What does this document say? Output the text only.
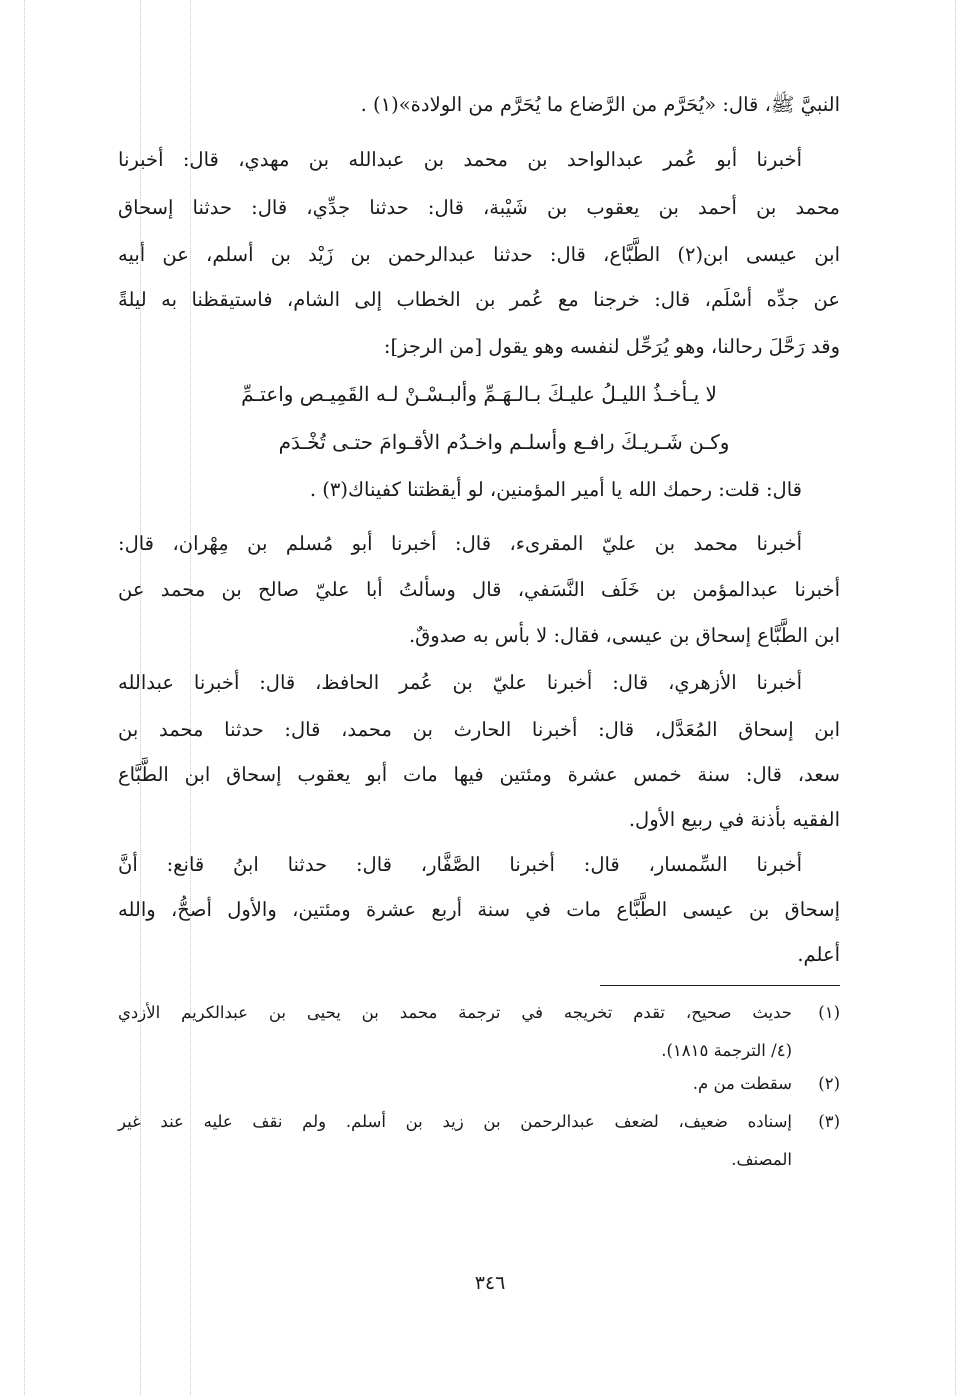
النبيَّ ﷺ، قال: «يُحَرَّم من الرَّضاع ما يُحَرَّم من الولادة»(١) .
أخبرنا أبو عُمر عبدالواحد بن محمد بن عبدالله بن مهدي، قال: أخبرنا
محمد بن أحمد بن يعقوب بن شَيْبة، قال: حدثنا جدِّي، قال: حدثنا إسحاق
ابن عيسى ابن(٢) الطَّبَّاع، قال: حدثنا عبدالرحمن بن زَيْد بن أسلم، عن أبيه
عن جدِّه أسْلَم، قال: خرجنا مع عُمر بن الخطاب إلى الشام، فاستيقظنا به ليلةً
وقد رَحَّلَ رحالنا، وهو يُرَحِّل لنفسه وهو يقول [من الرجز]:
لا يـأخـذُ الليـلُ عليـكَ بـالـهَـمِّ وألبـسْـنْ لـه القَمِيـص واعتـمِّ
وكـن شَـريـكَ رافـع وأسلـم واخـدُم الأقـوامَ حتـى تُخْـدَم
قال: قلت: رحمك الله يا أمير المؤمنين، لو أيقظتنا كفيناك(٣) .
أخبرنا محمد بن عليّ المقرىء، قال: أخبرنا أبو مُسلم بن مِهْران، قال:
أخبرنا عبدالمؤمن بن خَلَف النَّسَفي، قال وسألتُ أبا عليّ صالح بن محمد عن
ابن الطَّبَّاع إسحاق بن عيسى، فقال: لا بأس به صدوقٌ.
أخبرنا الأزهري، قال: أخبرنا عليّ بن عُمر الحافظ، قال: أخبرنا عبدالله
ابن إسحاق المُعَدَّل، قال: أخبرنا الحارث بن محمد، قال: حدثنا محمد بن
سعد، قال: سنة خمس عشرة ومئتين فيها مات أبو يعقوب إسحاق ابن الطَّبَّاع
الفقيه بأذنة في ربيع الأول.
أخبرنا السِّمسار، قال: أخبرنا الصَّفَّار، قال: حدثنا ابنُ قانع: أنَّ
إسحاق بن عيسى الطَّبَّاع مات في سنة أربع عشرة ومئتين، والأول أصحُّ، والله
أعلم.
(١)
حديث صحيح، تقدم تخريجه في ترجمة محمد بن يحيى بن عبدالكريم الأزدي
(٤/ الترجمة ١٨١٥).
(٢)
سقطت من م.
(٣)
إسناده ضعيف، لضعف عبدالرحمن بن زيد بن أسلم. ولم نقف عليه عند غير
المصنف.
٣٤٦
